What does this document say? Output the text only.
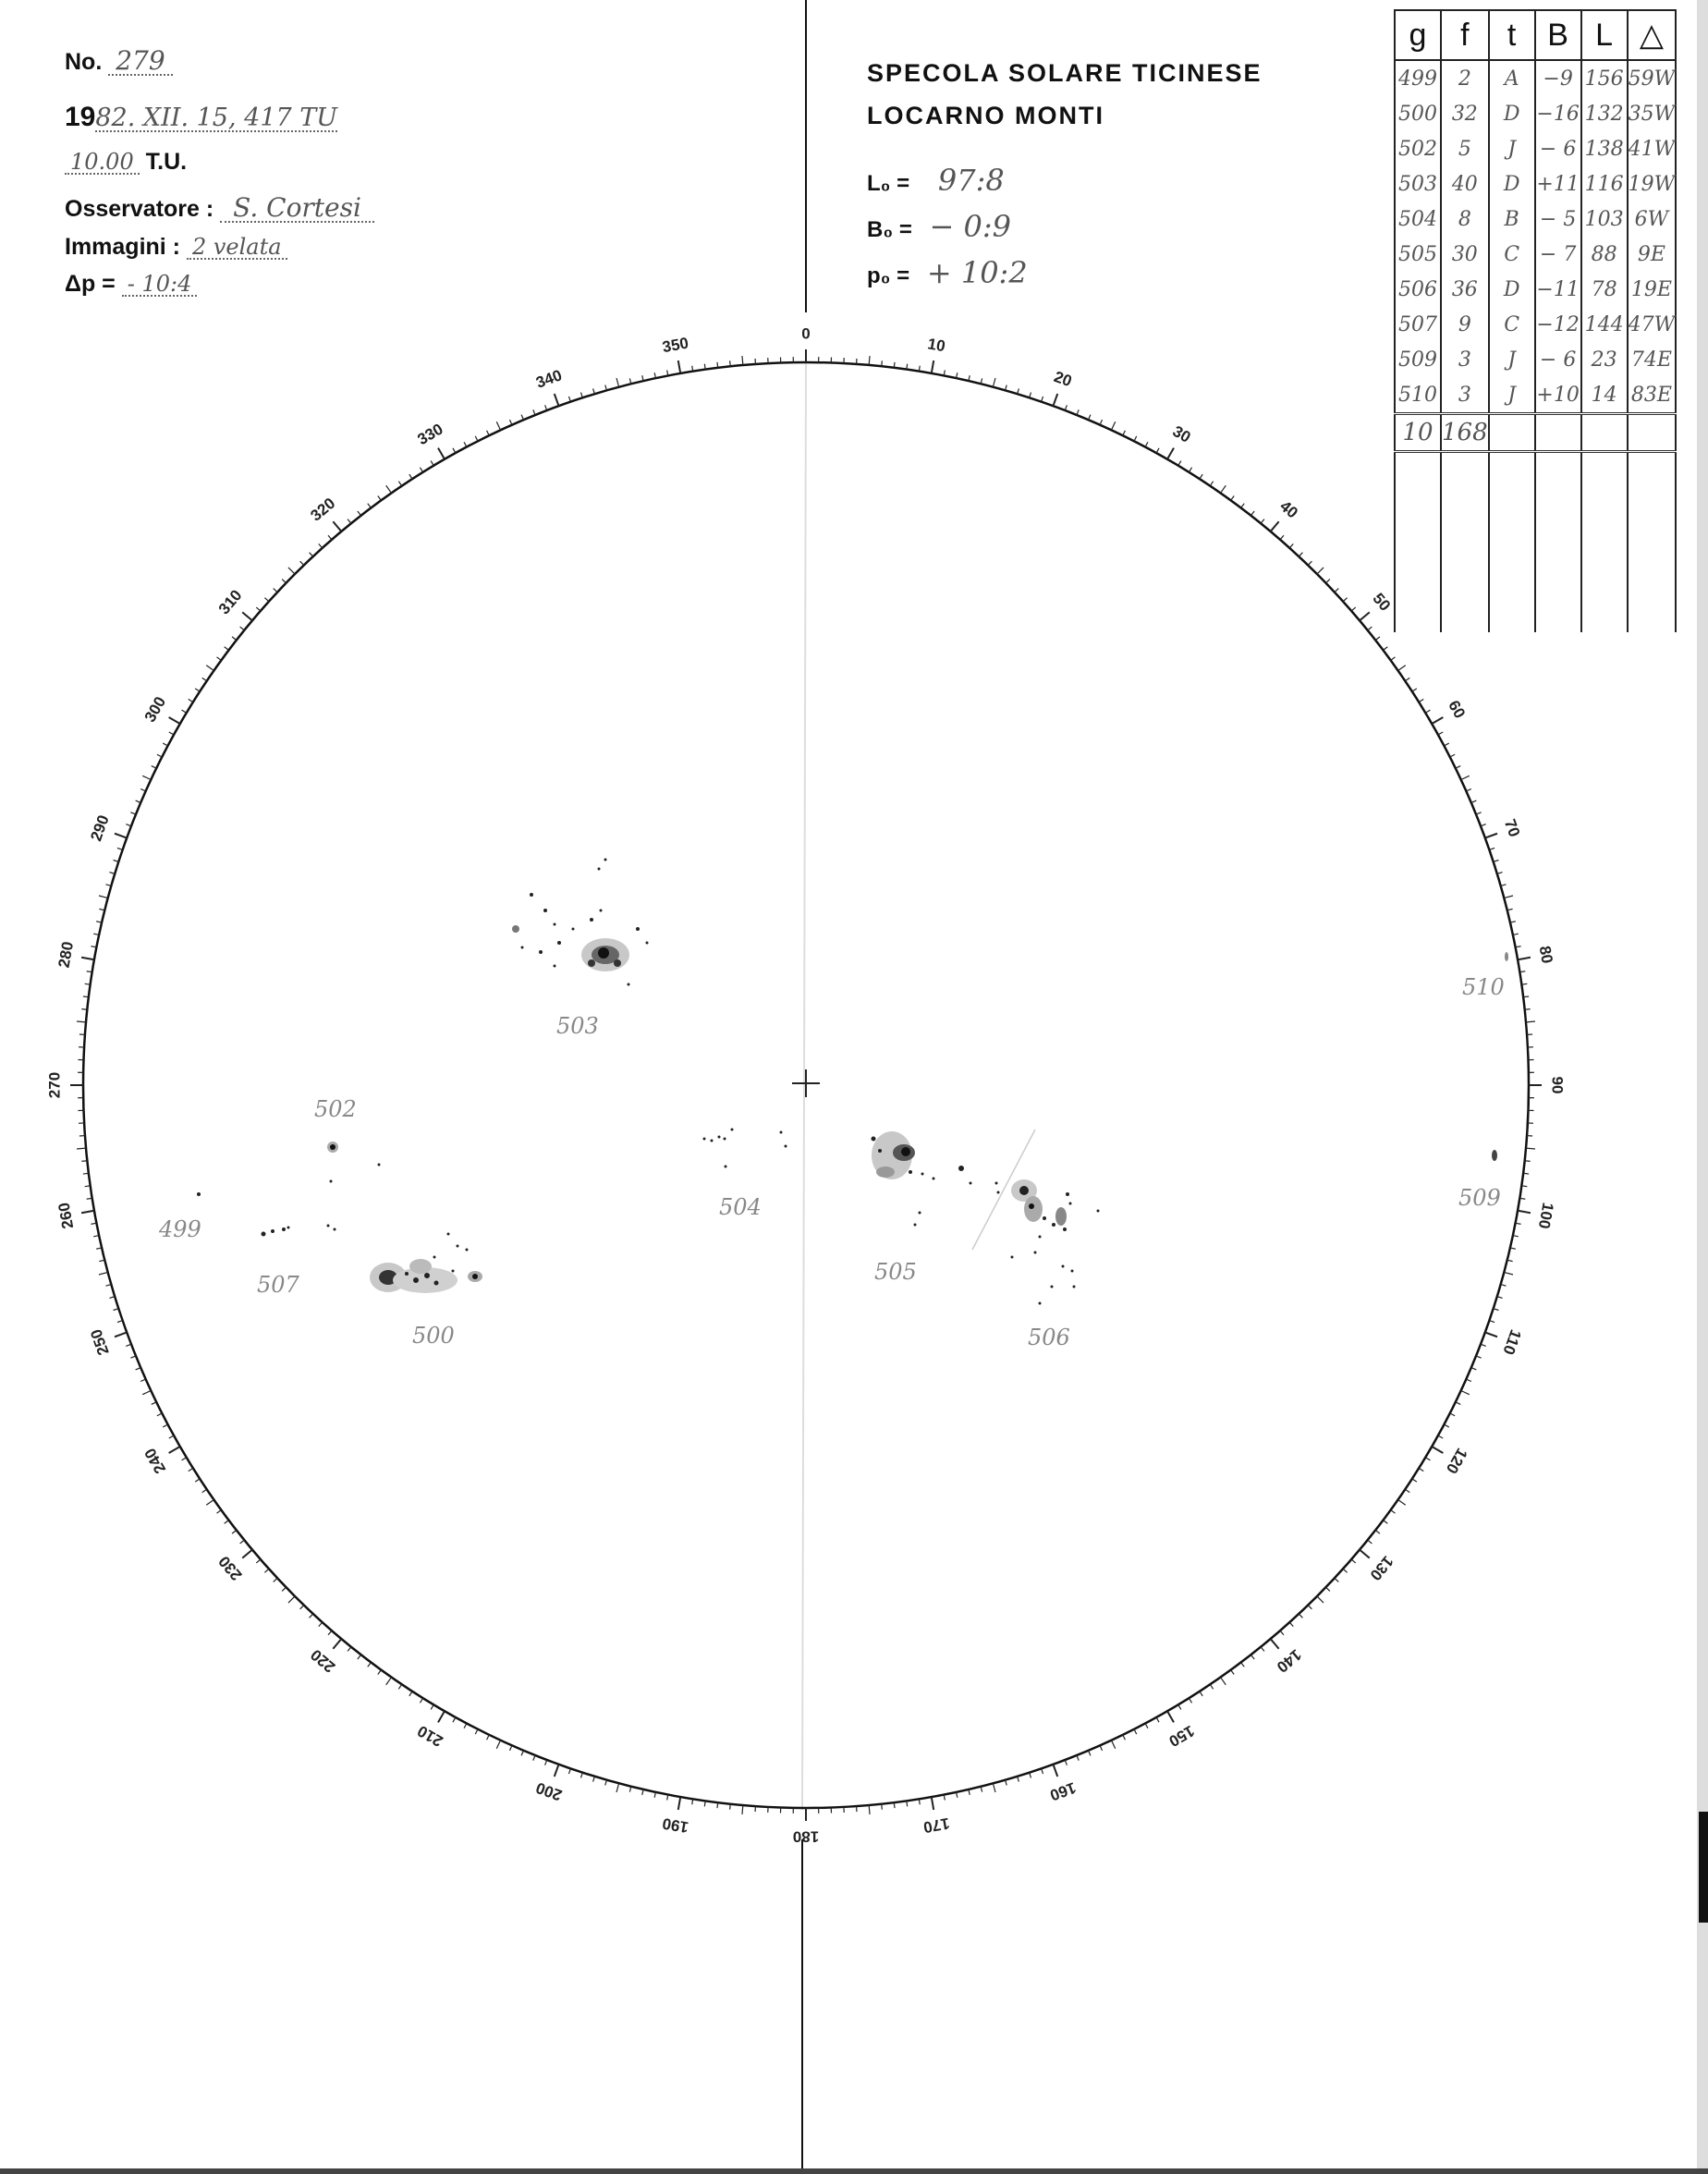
No. 279
1982. XII. 15, 417 TU
10.00 T.U.
Osservatore : S. Cortesi
Immagini : 2 velata
Δp = - 10:4
SPECOLA SOLARE TICINESE
LOCARNO MONTI
L₀ = 97:8
B₀ = − 0:9
p₀ = + 10:2
g	f	t	B	L	△
499	2	A	−9	156	59W
500	32	D	−16	132	35W
502	5	J	− 6	138	41W
503	40	D	+11	116	19W
504	8	B	− 5	103	6W
505	30	C	− 7	88	9E
506	36	D	−11	78	19E
507	9	C	−12	144	47W
509	3	J	− 6	23	74E
510	3	J	+10	14	83E
10	168				

0
10
20
30
40
50
60
70
80
90
100
110
120
130
140
150
160
170
180
190
200
210
220
230
240
250
260
270
280
290
300
310
320
330
340
350
503
502
499
507
500
504
505
506
509
510
